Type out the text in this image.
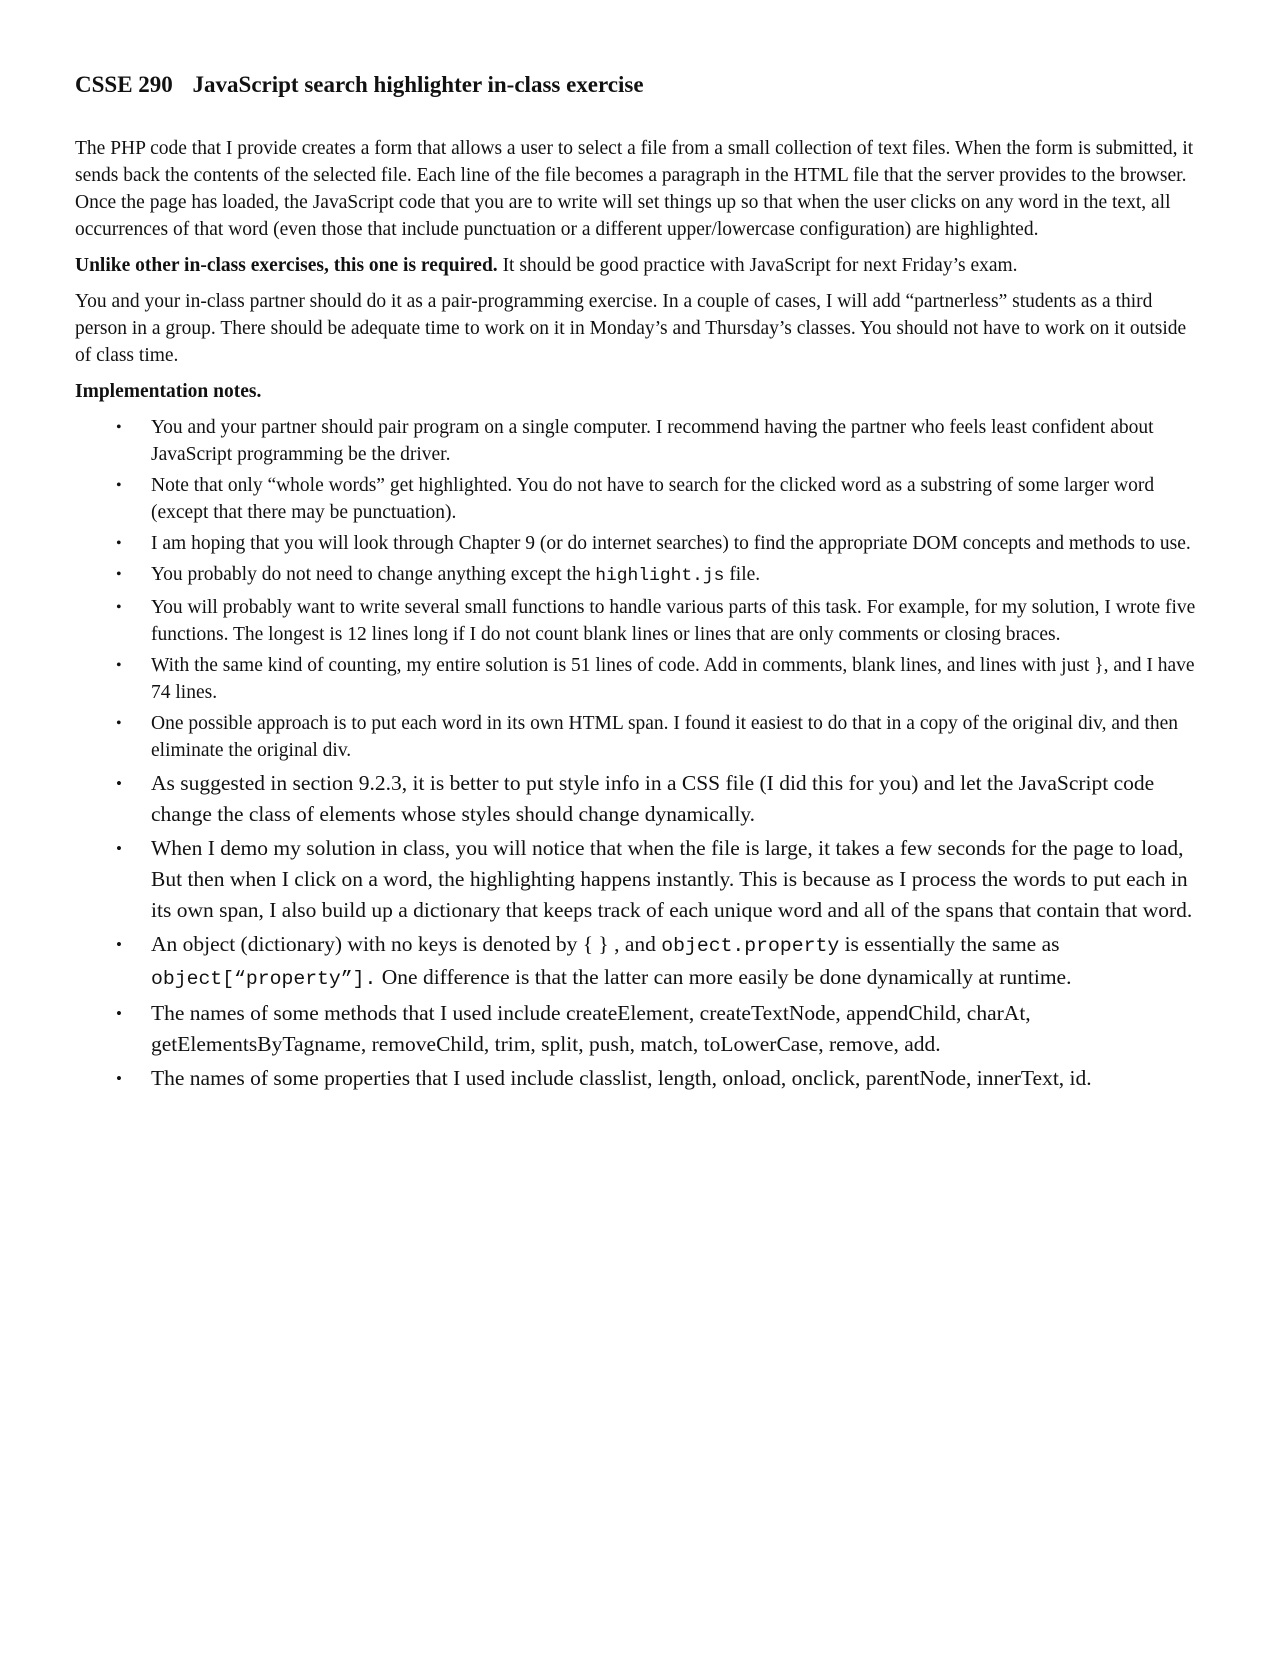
CSSE 290 JavaScript search highlighter in-class exercise

The PHP code that I provide creates a form that allows a user to select a file from a small collection of text files. When the form is submitted, it sends back the contents of the selected file. Each line of the file becomes a paragraph in the HTML file that the server provides to the browser. Once the page has loaded, the JavaScript code that you are to write will set things up so that when the user clicks on any word in the text, all occurrences of that word (even those that include punctuation or a different upper/lowercase configuration) are highlighted.

Unlike other in-class exercises, this one is required. It should be good practice with JavaScript for next Friday’s exam.

You and your in-class partner should do it as a pair-programming exercise. In a couple of cases, I will add “partnerless” students as a third person in a group. There should be adequate time to work on it in Monday’s and Thursday’s classes. You should not have to work on it outside of class time.

Implementation notes.
• You and your partner should pair program on a single computer. I recommend having the partner who feels least confident about JavaScript programming be the driver.
• Note that only “whole words” get highlighted. You do not have to search for the clicked word as a substring of some larger word (except that there may be punctuation).
• I am hoping that you will look through Chapter 9 (or do internet searches) to find the appropriate DOM concepts and methods to use.
• You probably do not need to change anything except the highlight.js file.
• You will probably want to write several small functions to handle various parts of this task. For example, for my solution, I wrote five functions. The longest is 12 lines long if I do not count blank lines or lines that are only comments or closing braces.
• With the same kind of counting, my entire solution is 51 lines of code. Add in comments, blank lines, and lines with just }, and I have 74 lines.
• One possible approach is to put each word in its own HTML span. I found it easiest to do that in a copy of the original div, and then eliminate the original div.
• As suggested in section 9.2.3, it is better to put style info in a CSS file (I did this for you) and let the JavaScript code change the class of elements whose styles should change dynamically.
• When I demo my solution in class, you will notice that when the file is large, it takes a few seconds for the page to load, But then when I click on a word, the highlighting happens instantly. This is because as I process the words to put each in its own span, I also build up a dictionary that keeps track of each unique word and all of the spans that contain that word.
• An object (dictionary) with no keys is denoted by { } , and object.property is essentially the same as object[“property”]. One difference is that the latter can more easily be done dynamically at runtime.
• The names of some methods that I used include createElement, createTextNode, appendChild, charAt, getElementsByTagname, removeChild, trim, split, push, match, toLowerCase, remove, add.
• The names of some properties that I used include classlist, length, onload, onclick, parentNode, innerText, id.
